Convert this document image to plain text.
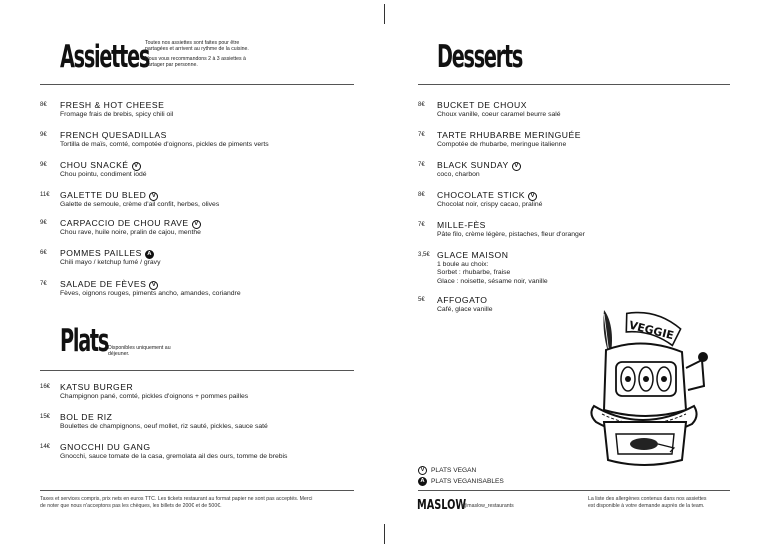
Assiettes

Toutes nos assiettes sont faites pour être partagées et arrivent au rythme de la cuisine.

Nous vous recommandons 2 à 3 assiettes à partager par personne.

8€ FRESH & HOT CHEESE
Fromage frais de brebis, spicy chili oil
9€ FRENCH QUESADILLAS
Tortilla de maïs, comté, compotée d'oignons, pickles de piments verts
9€ CHOU SNACKÉ V
Chou pointu, condiment iodé
11€ GALETTE DU BLED V
Galette de semoule, crème d'ail confit, herbes, olives
9€ CARPACCIO DE CHOU RAVE V
Chou rave, huile noire, pralin de cajou, menthe
6€ POMMES PAILLES A
Chili mayo / ketchup fumé / gravy
7€ SALADE DE FÈVES V
Fèves, oignons rouges, piments ancho, amandes, coriandre
Plats Disponibles uniquement au déjeuner.
16€ KATSU BURGER
Champignon pané, comté, pickles d'oignons + pommes pailles
15€ BOL DE RIZ
Boulettes de champignons, oeuf mollet, riz sauté, pickles, sauce saté
14€ GNOCCHI DU GANG
Gnocchi, sauce tomate de la casa, gremolata ail des ours, tomme de brebis
Desserts
8€ BUCKET DE CHOUX
Choux vanille, coeur caramel beurre salé
7€ TARTE RHUBARBE MERINGUÉE
Compotée de rhubarbe, meringue italienne
7€ BLACK SUNDAY V
coco, charbon
8€ CHOCOLATE STICK V
Chocolat noir, crispy cacao, praliné
7€ MILLE-FÈS
Pâte filo, crème légère, pistaches, fleur d'oranger
3,5€ GLACE MAISON
1 boule au choix:
Sorbet : rhubarbe, fraise
Glace : noisette, sésame noir, vanille
5€ AFFOGATO
Café, glace vanille
VEGGIE
V PLATS VEGAN
A PLATS VEGANISABLES
Taxes et services compris, prix nets en euros TTC. Les tickets restaurant au format papier ne sont pas acceptés. Merci
de noter que nous n'acceptons pas les chèques, les billets de 200€ et de 500€.	MASLOW
@maslow_restaurants
La liste des allergènes contenus dans nos assiettes
est disponible à votre demande auprès de la team.
